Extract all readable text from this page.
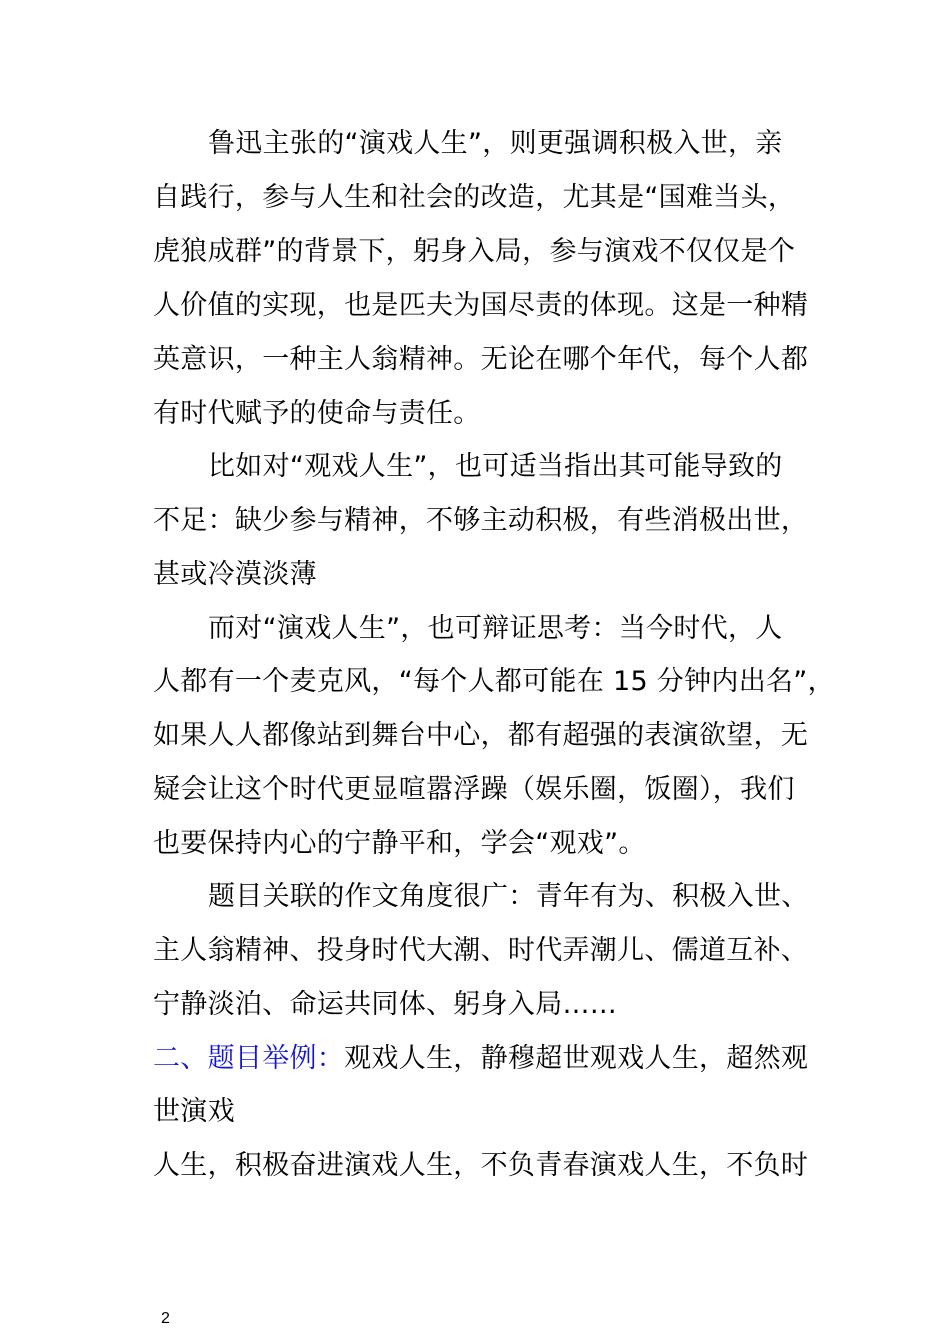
鲁迅主张的“演戏人生”，则更强调积极入世，亲
自践行，参与人生和社会的改造，尤其是“国难当头，
虎狼成群”的背景下，躬身入局，参与演戏不仅仅是个
人价值的实现，也是匹夫为国尽责的体现。这是一种精
英意识，一种主人翁精神。无论在哪个年代，每个人都
有时代赋予的使命与责任。
比如对“观戏人生”，也可适当指出其可能导致的
不足：缺少参与精神，不够主动积极，有些消极出世，
甚或冷漠淡薄
而对“演戏人生”，也可辩证思考：当今时代，人
人都有一个麦克风，“每个人都可能在 15 分钟内出名”，
如果人人都像站到舞台中心，都有超强的表演欲望，无
疑会让这个时代更显喧嚣浮躁（娱乐圈，饭圈），我们
也要保持内心的宁静平和，学会“观戏”。
题目关联的作文角度很广：青年有为、积极入世、
主人翁精神、投身时代大潮、时代弄潮儿、儒道互补、
宁静淡泊、命运共同体、躬身入局……
二、题目举例：观戏人生，静穆超世观戏人生，超然观
世演戏
人生，积极奋进演戏人生，不负青春演戏人生，不负时
2
